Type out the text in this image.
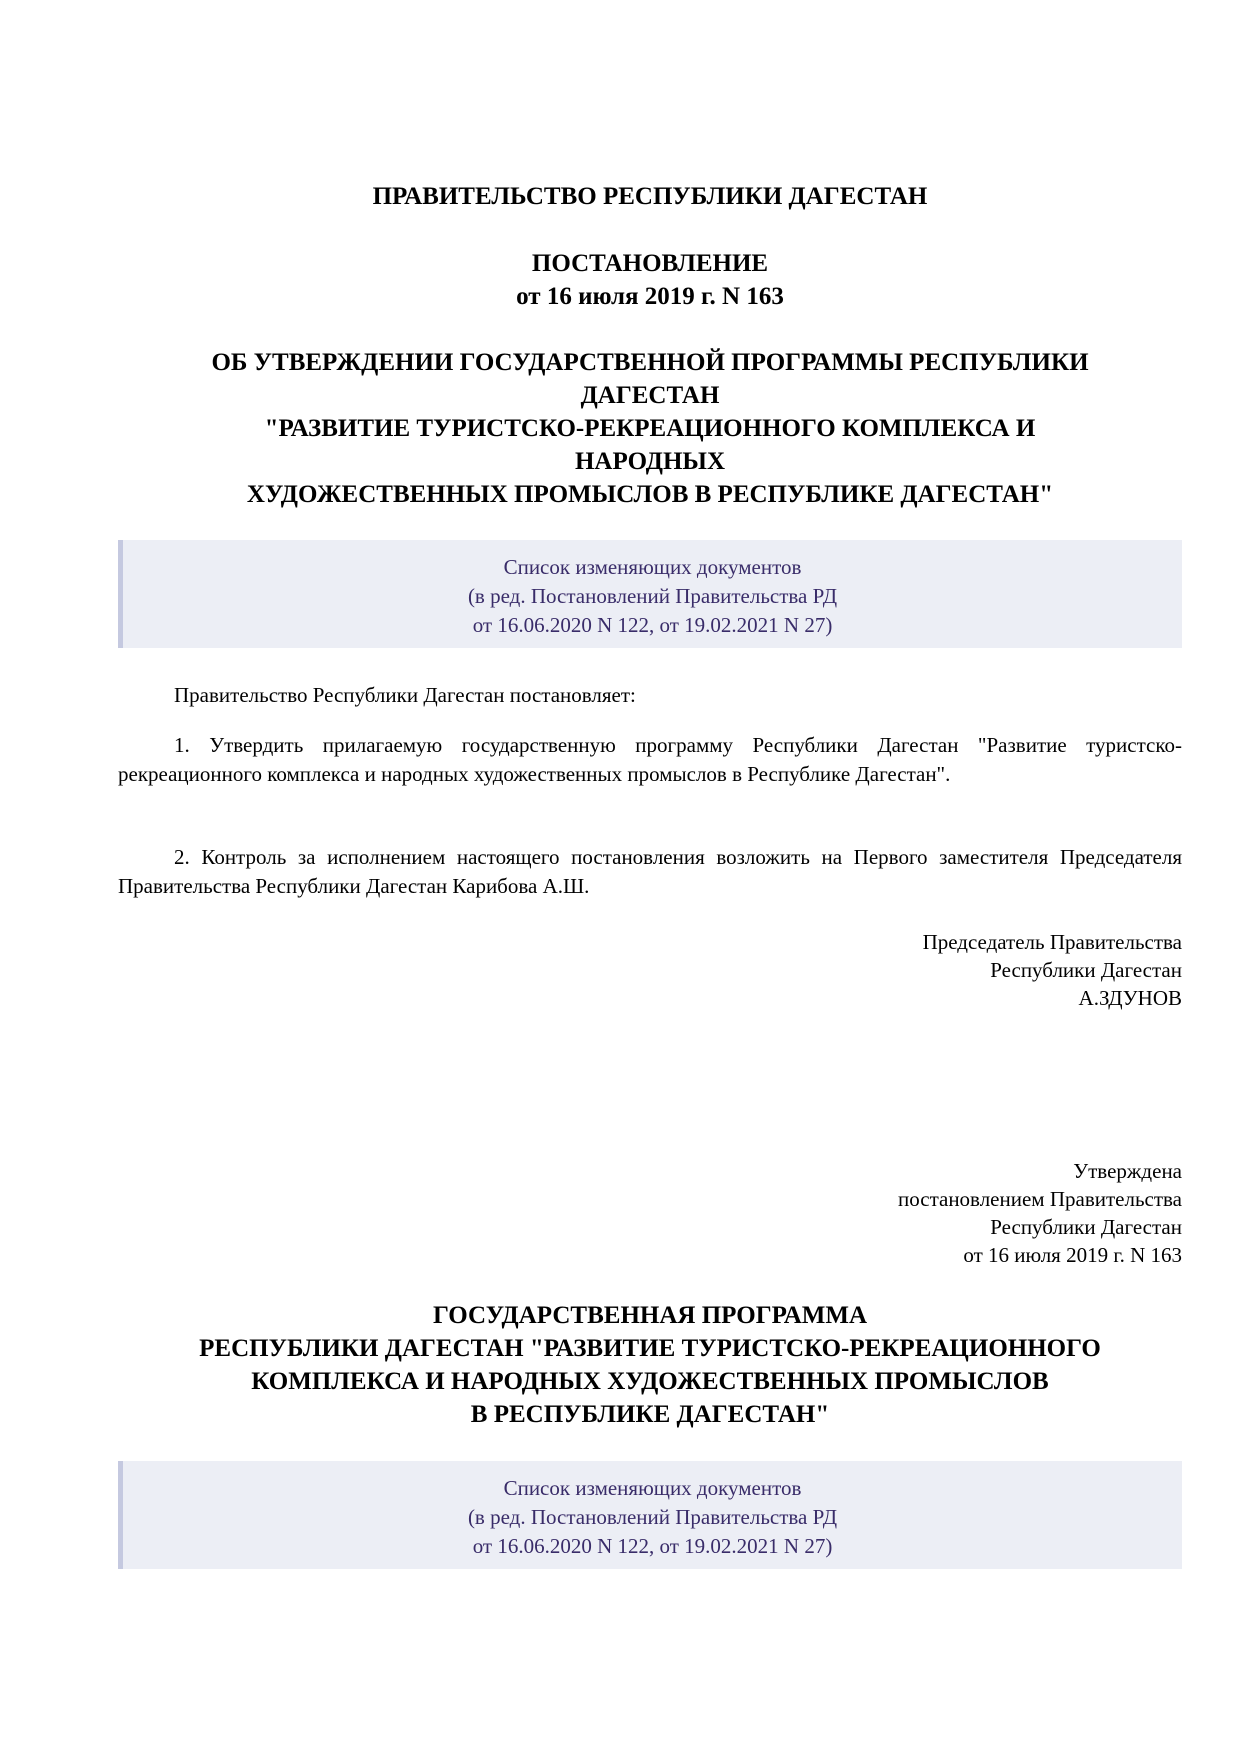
ПРАВИТЕЛЬСТВО РЕСПУБЛИКИ ДАГЕСТАН
ПОСТАНОВЛЕНИЕ
от 16 июля 2019 г. N 163
ОБ УТВЕРЖДЕНИИ ГОСУДАРСТВЕННОЙ ПРОГРАММЫ РЕСПУБЛИКИ
ДАГЕСТАН
"РАЗВИТИЕ ТУРИСТСКО-РЕКРЕАЦИОННОГО КОМПЛЕКСА И
НАРОДНЫХ
ХУДОЖЕСТВЕННЫХ ПРОМЫСЛОВ В РЕСПУБЛИКЕ ДАГЕСТАН"
Список изменяющих документов
(в ред. Постановлений Правительства РД
от 16.06.2020 N 122, от 19.02.2021 N 27)

Правительство Республики Дагестан постановляет:

1. Утвердить прилагаемую государственную программу Республики Дагестан "Развитие туристско-рекреационного комплекса и народных художественных промыслов в Республике Дагестан".

2. Контроль за исполнением настоящего постановления возложить на Первого заместителя Председателя Правительства Республики Дагестан Карибова А.Ш.

Председатель Правительства
Республики Дагестан
А.ЗДУНОВ
Утверждена
постановлением Правительства
Республики Дагестан
от 16 июля 2019 г. N 163
ГОСУДАРСТВЕННАЯ ПРОГРАММА
РЕСПУБЛИКИ ДАГЕСТАН "РАЗВИТИЕ ТУРИСТСКО-РЕКРЕАЦИОННОГО
КОМПЛЕКСА И НАРОДНЫХ ХУДОЖЕСТВЕННЫХ ПРОМЫСЛОВ
В РЕСПУБЛИКЕ ДАГЕСТАН"
Список изменяющих документов
(в ред. Постановлений Правительства РД
от 16.06.2020 N 122, от 19.02.2021 N 27)
